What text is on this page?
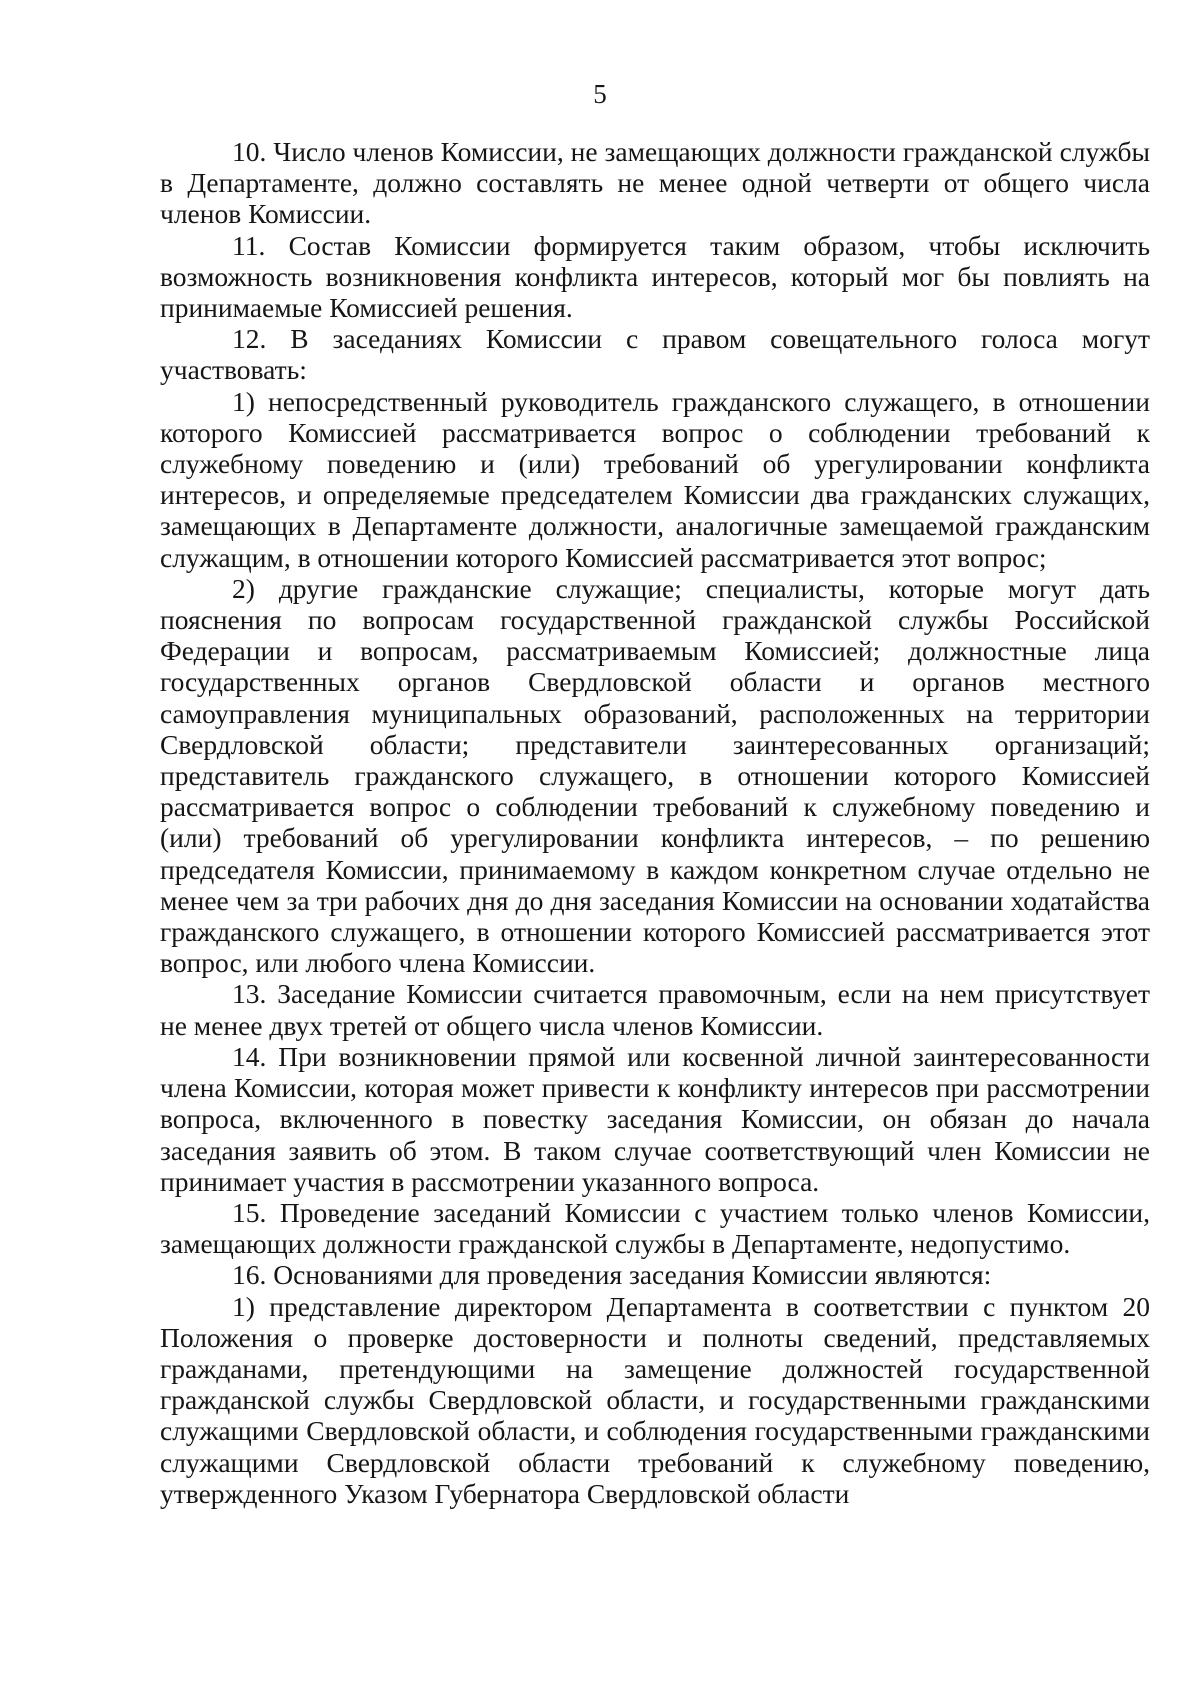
5

10. Число членов Комиссии, не замещающих должности гражданской службы в Департаменте, должно составлять не менее одной четверти от общего числа членов Комиссии.

11. Состав Комиссии формируется таким образом, чтобы исключить возможность возникновения конфликта интересов, который мог бы повлиять на принимаемые Комиссией решения.

12. В заседаниях Комиссии с правом совещательного голоса могут участвовать:

1) непосредственный руководитель гражданского служащего, в отношении которого Комиссией рассматривается вопрос о соблюдении требований к служебному поведению и (или) требований об урегулировании конфликта интересов, и определяемые председателем Комиссии два гражданских служащих, замещающих в Департаменте должности, аналогичные замещаемой гражданским служащим, в отношении которого Комиссией рассматривается этот вопрос;

2) другие гражданские служащие; специалисты, которые могут дать пояснения по вопросам государственной гражданской службы Российской Федерации и вопросам, рассматриваемым Комиссией; должностные лица государственных органов Свердловской области и органов местного самоуправления муниципальных образований, расположенных на территории Свердловской области; представители заинтересованных организаций; представитель гражданского служащего, в отношении которого Комиссией рассматривается вопрос о соблюдении требований к служебному поведению и (или) требований об урегулировании конфликта интересов, – по решению председателя Комиссии, принимаемому в каждом конкретном случае отдельно не менее чем за три рабочих дня до дня заседания Комиссии на основании ходатайства гражданского служащего, в отношении которого Комиссией рассматривается этот вопрос, или любого члена Комиссии.

13. Заседание Комиссии считается правомочным, если на нем присутствует не менее двух третей от общего числа членов Комиссии.

14. При возникновении прямой или косвенной личной заинтересованности члена Комиссии, которая может привести к конфликту интересов при рассмотрении вопроса, включенного в повестку заседания Комиссии, он обязан до начала заседания заявить об этом. В таком случае соответствующий член Комиссии не принимает участия в рассмотрении указанного вопроса.

15. Проведение заседаний Комиссии с участием только членов Комиссии, замещающих должности гражданской службы в Департаменте, недопустимо.

16. Основаниями для проведения заседания Комиссии являются:

1) представление директором Департамента в соответствии с пунктом 20 Положения о проверке достоверности и полноты сведений, представляемых гражданами, претендующими на замещение должностей государственной гражданской службы Свердловской области, и государственными гражданскими служащими Свердловской области, и соблюдения государственными гражданскими служащими Свердловской области требований к служебному поведению, утвержденного Указом Губернатора Свердловской области
